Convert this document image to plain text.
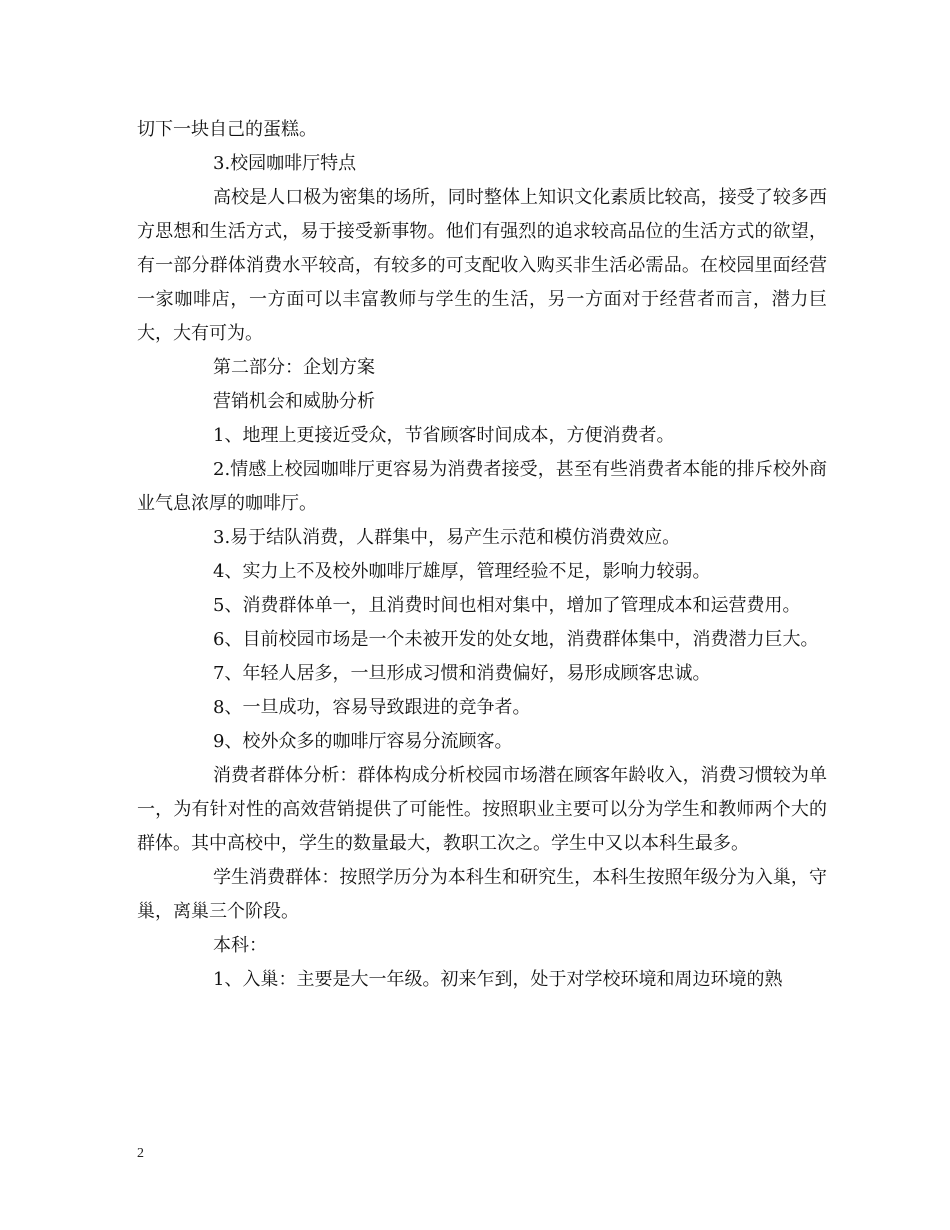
切下一块自己的蛋糕。

3.校园咖啡厅特点

高校是人口极为密集的场所，同时整体上知识文化素质比较高，接受了较多西方思想和生活方式，易于接受新事物。他们有强烈的追求较高品位的生活方式的欲望，有一部分群体消费水平较高，有较多的可支配收入购买非生活必需品。在校园里面经营一家咖啡店，一方面可以丰富教师与学生的生活，另一方面对于经营者而言，潜力巨大，大有可为。

第二部分：企划方案

营销机会和威胁分析

1、地理上更接近受众，节省顾客时间成本，方便消费者。

2.情感上校园咖啡厅更容易为消费者接受，甚至有些消费者本能的排斥校外商业气息浓厚的咖啡厅。

3.易于结队消费，人群集中，易产生示范和模仿消费效应。

4、实力上不及校外咖啡厅雄厚，管理经验不足，影响力较弱。

5、消费群体单一，且消费时间也相对集中，增加了管理成本和运营费用。

6、目前校园市场是一个未被开发的处女地，消费群体集中，消费潜力巨大。

7、年轻人居多，一旦形成习惯和消费偏好，易形成顾客忠诚。

8、一旦成功，容易导致跟进的竞争者。

9、校外众多的咖啡厅容易分流顾客。

消费者群体分析：群体构成分析校园市场潜在顾客年龄收入，消费习惯较为单一，为有针对性的高效营销提供了可能性。按照职业主要可以分为学生和教师两个大的群体。其中高校中，学生的数量最大，教职工次之。学生中又以本科生最多。

学生消费群体：按照学历分为本科生和研究生，本科生按照年级分为入巢，守巢，离巢三个阶段。

本科：

1、入巢：主要是大一年级。初来乍到，处于对学校环境和周边环境的熟

2
